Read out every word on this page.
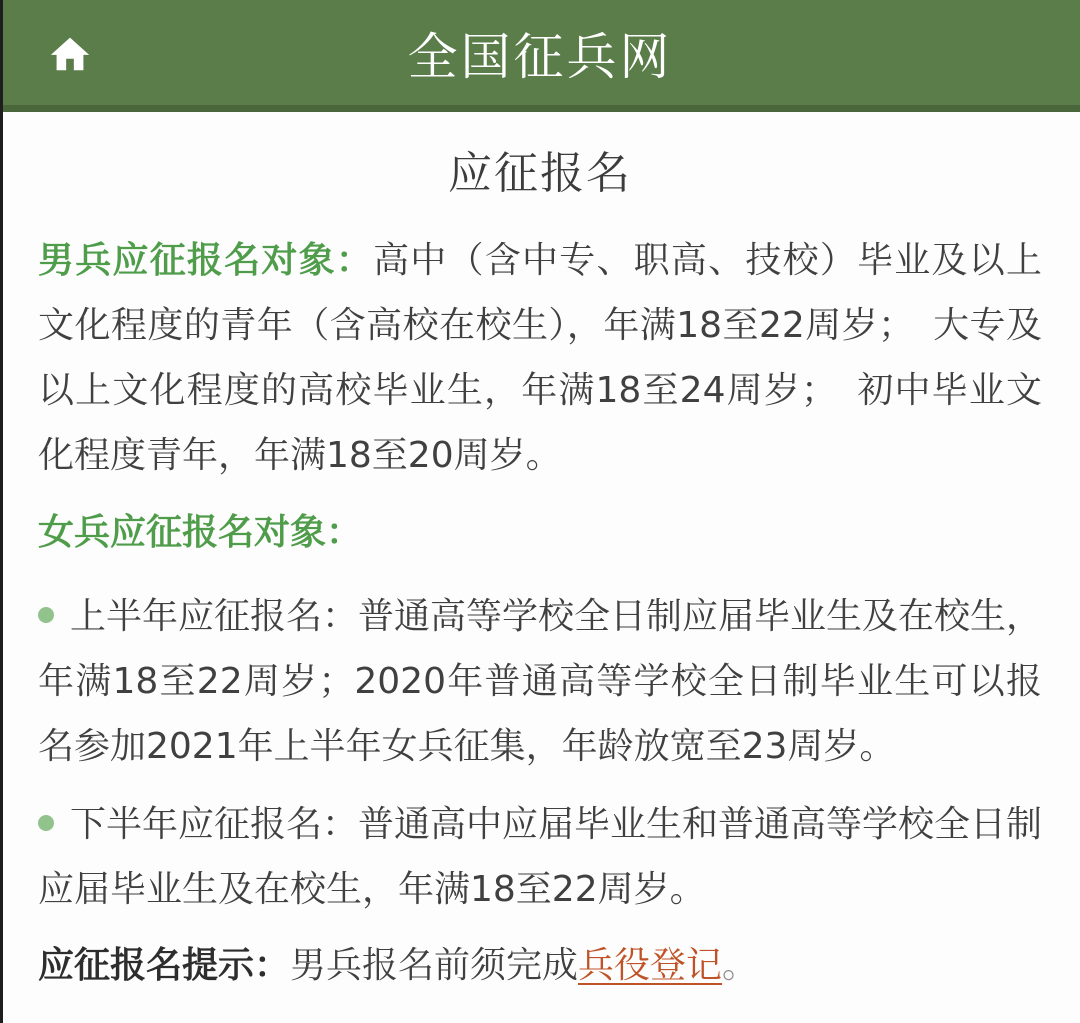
全国征兵网
应征报名

男兵应征报名对象：高中（含中专、职高、技校）毕业及以上文化程度的青年（含高校在校生），年满18至22周岁；　大专及以上文化程度的高校毕业生，年满18至24周岁；　初中毕业文化程度青年，年满18至20周岁。

女兵应征报名对象：

上半年应征报名：普通高等学校全日制应届毕业生及在校生，年满18至22周岁；2020年普通高等学校全日制毕业生可以报名参加2021年上半年女兵征集，年龄放宽至23周岁。

下半年应征报名：普通高中应届毕业生和普通高等学校全日制应届毕业生及在校生，年满18至22周岁。

应征报名提示：男兵报名前须完成兵役登记。
